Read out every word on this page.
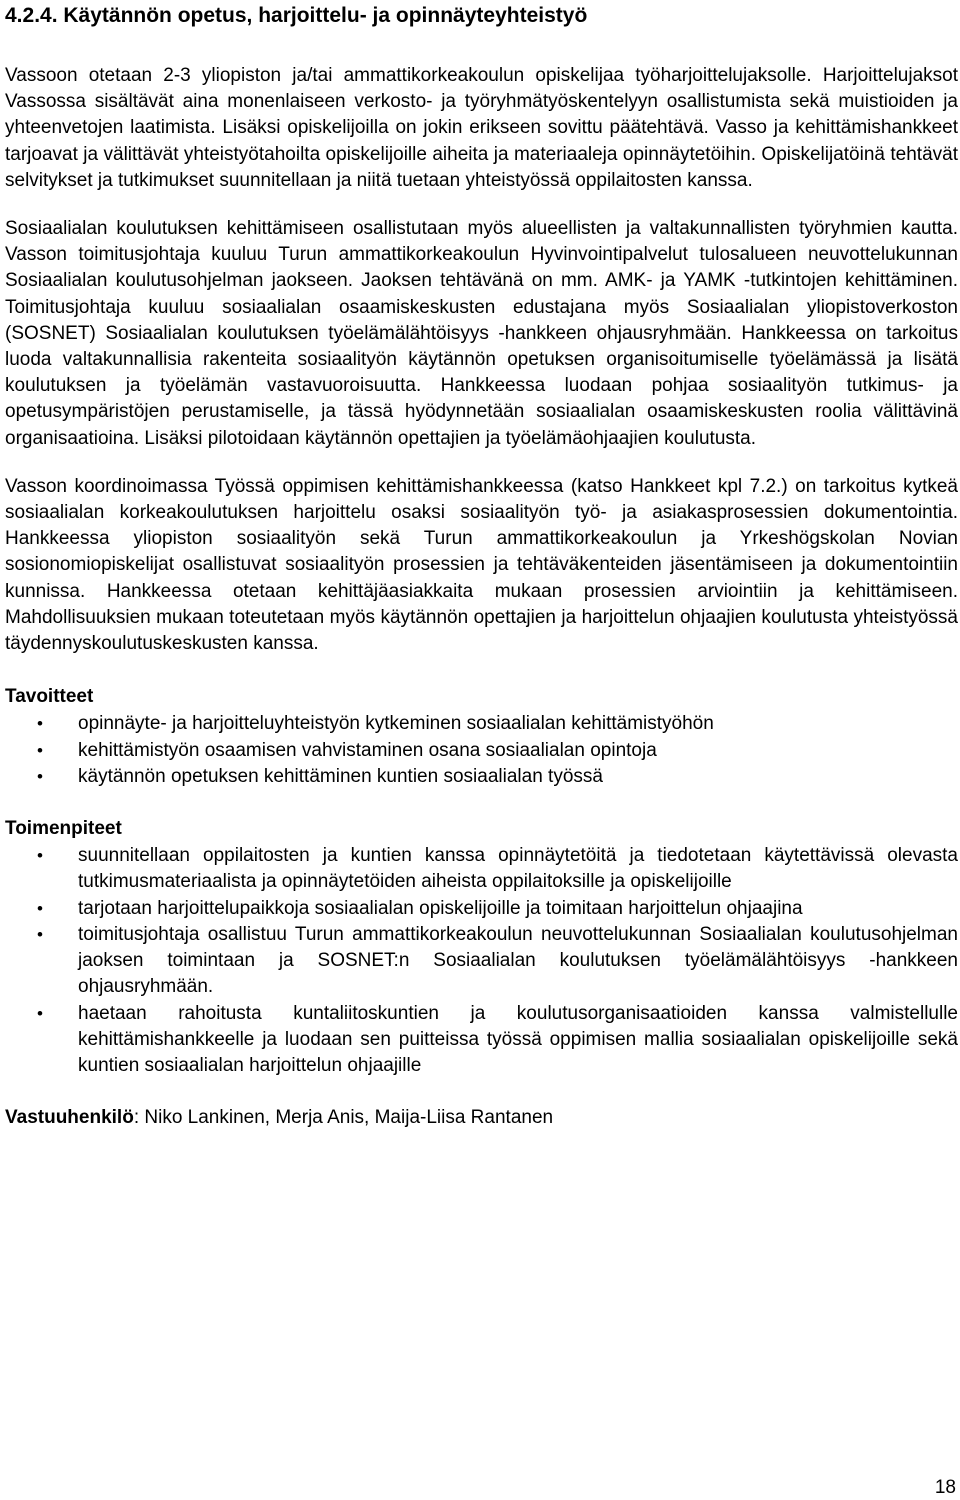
4.2.4. Käytännön opetus, harjoittelu- ja opinnäyteyhteistyö

Vassoon otetaan 2-3 yliopiston ja/tai ammattikorkeakoulun opiskelijaa työharjoittelujaksolle. Harjoittelujaksot Vassossa sisältävät aina monenlaiseen verkosto- ja työryhmätyöskentelyyn osallistumista sekä muistioiden ja yhteenvetojen laatimista. Lisäksi opiskelijoilla on jokin erikseen sovittu päätehtävä. Vasso ja kehittämishankkeet tarjoavat ja välittävät yhteistyötahoilta opiskelijoille aiheita ja materiaaleja opinnäytetöihin. Opiskelijatöinä tehtävät selvitykset ja tutkimukset suunnitellaan ja niitä tuetaan yhteistyössä oppilaitosten kanssa.

Sosiaalialan koulutuksen kehittämiseen osallistutaan myös alueellisten ja valtakunnallisten työryhmien kautta. Vasson toimitusjohtaja kuuluu Turun ammattikorkeakoulun Hyvinvointipalvelut tulosalueen neuvottelukunnan Sosiaalialan koulutusohjelman jaokseen. Jaoksen tehtävänä on mm. AMK- ja YAMK -tutkintojen kehittäminen. Toimitusjohtaja kuuluu sosiaalialan osaamiskeskusten edustajana myös Sosiaalialan yliopistoverkoston (SOSNET) Sosiaalialan koulutuksen työelämälähtöisyys -hankkeen ohjausryhmään. Hankkeessa on tarkoitus luoda valtakunnallisia rakenteita sosiaalityön käytännön opetuksen organisoitumiselle työelämässä ja lisätä koulutuksen ja työelämän vastavuoroisuutta. Hankkeessa luodaan pohjaa sosiaalityön tutkimus- ja opetusympäristöjen perustamiselle, ja tässä hyödynnetään sosiaalialan osaamiskeskusten roolia välittävinä organisaatioina. Lisäksi pilotoidaan käytännön opettajien ja työelämäohjaajien koulutusta.

Vasson koordinoimassa Työssä oppimisen kehittämishankkeessa (katso Hankkeet kpl 7.2.) on tarkoitus kytkeä sosiaalialan korkeakoulutuksen harjoittelu osaksi sosiaalityön työ- ja asiakasprosessien dokumentointia. Hankkeessa yliopiston sosiaalityön sekä Turun ammattikorkeakoulun ja Yrkeshögskolan Novian sosionomiopiskelijat osallistuvat sosiaalityön prosessien ja tehtäväkenteiden jäsentämiseen ja dokumentointiin kunnissa. Hankkeessa otetaan kehittäjäasiakkaita mukaan prosessien arviointiin ja kehittämiseen. Mahdollisuuksien mukaan toteutetaan myös käytännön opettajien ja harjoittelun ohjaajien koulutusta yhteistyössä täydennyskoulutuskeskusten kanssa.

Tavoitteet

• opinnäyte- ja harjoitteluyhteistyön kytkeminen sosiaalialan kehittämistyöhön
• kehittämistyön osaamisen vahvistaminen osana sosiaalialan opintoja
• käytännön opetuksen kehittäminen kuntien sosiaalialan työssä

Toimenpiteet

• suunnitellaan oppilaitosten ja kuntien kanssa opinnäytetöitä ja tiedotetaan käytettävissä olevasta tutkimusmateriaalista ja opinnäytetöiden aiheista oppilaitoksille ja opiskelijoille
• tarjotaan harjoittelupaikkoja sosiaalialan opiskelijoille ja toimitaan harjoittelun ohjaajina
• toimitusjohtaja osallistuu Turun ammattikorkeakoulun neuvottelukunnan Sosiaalialan koulutusohjelman jaoksen toimintaan ja SOSNET:n Sosiaalialan koulutuksen työelämälähtöisyys -hankkeen ohjausryhmään.
• haetaan rahoitusta kuntaliitoskuntien ja koulutusorganisaatioiden kanssa valmistellulle kehittämishankkeelle ja luodaan sen puitteissa työssä oppimisen mallia sosiaalialan opiskelijoille sekä kuntien sosiaalialan harjoittelun ohjaajille

Vastuuhenkilö: Niko Lankinen, Merja Anis, Maija-Liisa Rantanen

18
